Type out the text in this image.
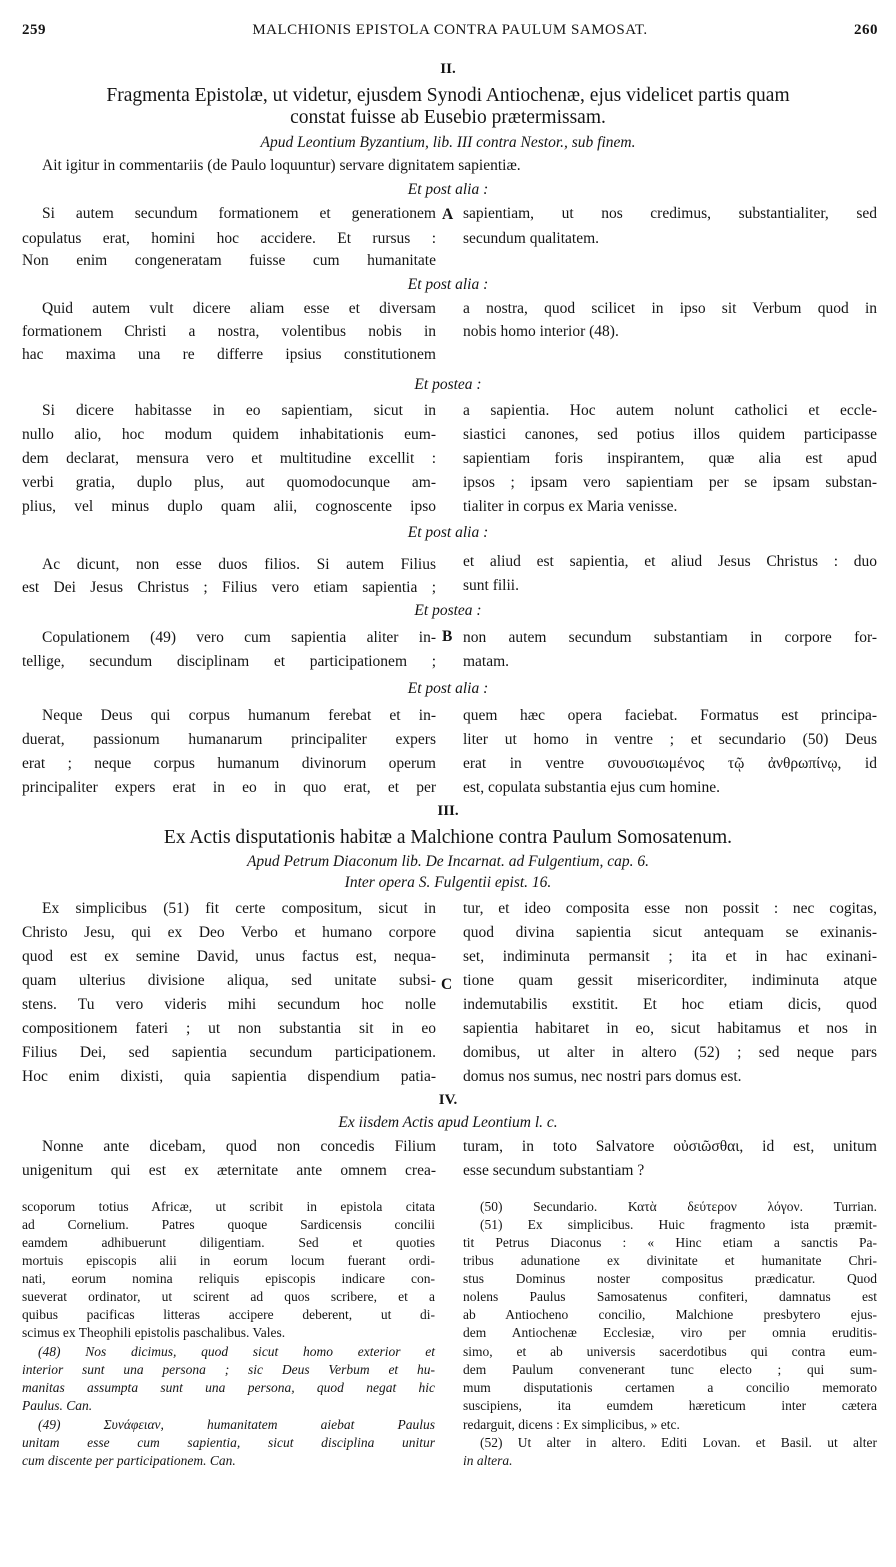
259	MALCHIONIS EPISTOLA CONTRA PAULUM SAMOSAT.	260
II.
Fragmenta Epistolæ, ut videtur, ejusdem Synodi Antiochenæ, ejus videlicet partis quam
constat fuisse ab Eusebio prætermissam.
Apud Leontium Byzantium, lib. III contra Nestor., sub finem.
Ait igitur in commentariis (de Paulo loquuntur) servare dignitatem sapientiæ.
Et post alia :
Si autem secundum formationem et generationem
copulatus erat, homini hoc accidere. Et rursus :
Non enim congeneratam fuisse cum humanitate
A sapientiam, ut nos credimus, substantialiter, sed
secundum qualitatem.
Et post alia :
Quid autem vult dicere aliam esse et diversam
formationem Christi a nostra, volentibus nobis in
hac maxima una re differre ipsius constitutionem
a nostra, quod scilicet in ipso sit Verbum quod in
nobis homo interior (48).
Et postea :
Si dicere habitasse in eo sapientiam, sicut in
nullo alio, hoc modum quidem inhabitationis eum-
dem declarat, mensura vero et multitudine excellit :
verbi gratia, duplo plus, aut quomodocunque am-
plius, vel minus duplo quam alii, cognoscente ipso
a sapientia. Hoc autem nolunt catholici et eccle-
siastici canones, sed potius illos quidem participasse
sapientiam foris inspirantem, quæ alia est apud
ipsos ; ipsam vero sapientiam per se ipsam substan-
tialiter in corpus ex Maria venisse.
Et post alia :
Ac dicunt, non esse duos filios. Si autem Filius
est Dei Jesus Christus ; Filius vero etiam sapientia ;
et aliud est sapientia, et aliud Jesus Christus : duo
sunt filii.
Et postea :
Copulationem (49) vero cum sapientia aliter in-
tellige, secundum disciplinam et participationem ;
B non autem secundum substantiam in corpore for-
matam.
Et post alia :
Neque Deus qui corpus humanum ferebat et in-
duerat, passionum humanarum principaliter expers
erat ; neque corpus humanum divinorum operum
principaliter expers erat in eo in quo erat, et per
quem hæc opera faciebat. Formatus est principa-
liter ut homo in ventre ; et secundario (50) Deus
erat in ventre συνουσιωμένος τῷ ἀνθρωπίνῳ, id
est, copulata substantia ejus cum homine.
III.
Ex Actis disputationis habitæ a Malchione contra Paulum Somosatenum.
Apud Petrum Diaconum lib. De Incarnat. ad Fulgentium, cap. 6.
Inter opera S. Fulgentii epist. 16.
Ex simplicibus (51) fit certe compositum, sicut in
Christo Jesu, qui ex Deo Verbo et humano corpore
quod est ex semine David, unus factus est, nequa-
quam ulterius divisione aliqua, sed unitate subsi-
stens. Tu vero videris mihi secundum hoc nolle
compositionem fateri ; ut non substantia sit in eo
Filius Dei, sed sapientia secundum participationem.
Hoc enim dixisti, quia sapientia dispendium patia-
C
tur, et ideo composita esse non possit : nec cogitas,
quod divina sapientia sicut antequam se exinanis-
set, indiminuta permansit ; ita et in hac exinani-
tione quam gessit misericorditer, indiminuta atque
indemutabilis exstitit. Et hoc etiam dicis, quod
sapientia habitaret in eo, sicut habitamus et nos in
domibus, ut alter in altero (52) ; sed neque pars
domus nos sumus, nec nostri pars domus est.
IV.
Ex iisdem Actis apud Leontium l. c.
Nonne ante dicebam, quod non concedis Filium
unigenitum qui est ex æternitate ante omnem crea-
turam, in toto Salvatore οὐσιῶσθαι, id est, unitum
esse secundum substantiam ?
scoporum totius Africæ, ut scribit in epistola citata
ad Cornelium. Patres quoque Sardicensis concilii
eamdem adhibuerunt diligentiam. Sed et quoties
mortuis episcopis alii in eorum locum fuerant ordi-
nati, eorum nomina reliquis episcopis indicare con-
sueverat ordinator, ut scirent ad quos scribere, et a
quibus pacificas litteras accipere deberent, ut di-
scimus ex Theophili epistolis paschalibus. Vales.
(48) Nos dicimus, quod sicut homo exterior et
interior sunt una persona ; sic Deus Verbum et hu-
manitas assumpta sunt una persona, quod negat hic
Paulus. Can.
(49) Συνάφειαν, humanitatem aiebat Paulus
unitam esse cum sapientia, sicut disciplina unitur
cum discente per participationem. Can.
(50) Secundario. Κατὰ δεύτερον λόγον. Turrian.
(51) Ex simplicibus. Huic fragmento ista præmit-
tit Petrus Diaconus : « Hinc etiam a sanctis Pa-
tribus adunatione ex divinitate et humanitate Chri-
stus Dominus noster compositus prædicatur. Quod
nolens Paulus Samosatenus confiteri, damnatus est
ab Antiocheno concilio, Malchione presbytero ejus-
dem Antiochenæ Ecclesiæ, viro per omnia eruditis-
simo, et ab universis sacerdotibus qui contra eum-
dem Paulum convenerant tunc electo ; qui sum-
mum disputationis certamen a concilio memorato
suscipiens, ita eumdem hæreticum inter cætera
redarguit, dicens : Ex simplicibus, » etc.
(52) Ut alter in altero. Editi Lovan. et Basil. ut alter
in altera.
